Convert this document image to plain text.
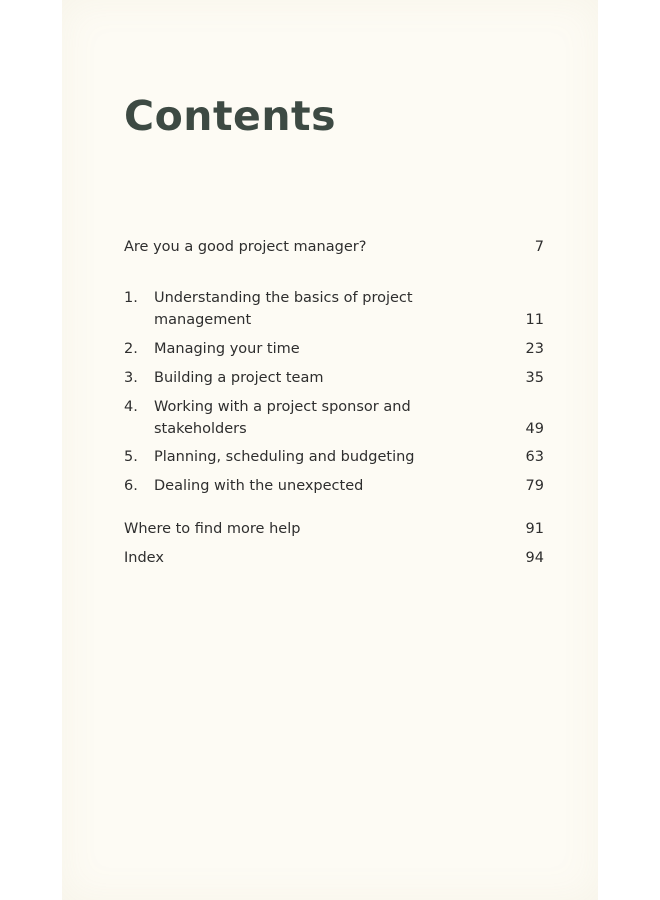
Contents
Are you a good project manager?	7
1. Understanding the basics of project
management	11
2. Managing your time	23
3. Building a project team	35
4. Working with a project sponsor and
stakeholders	49
5. Planning, scheduling and budgeting	63
6. Dealing with the unexpected	79
Where to find more help	91
Index	94
